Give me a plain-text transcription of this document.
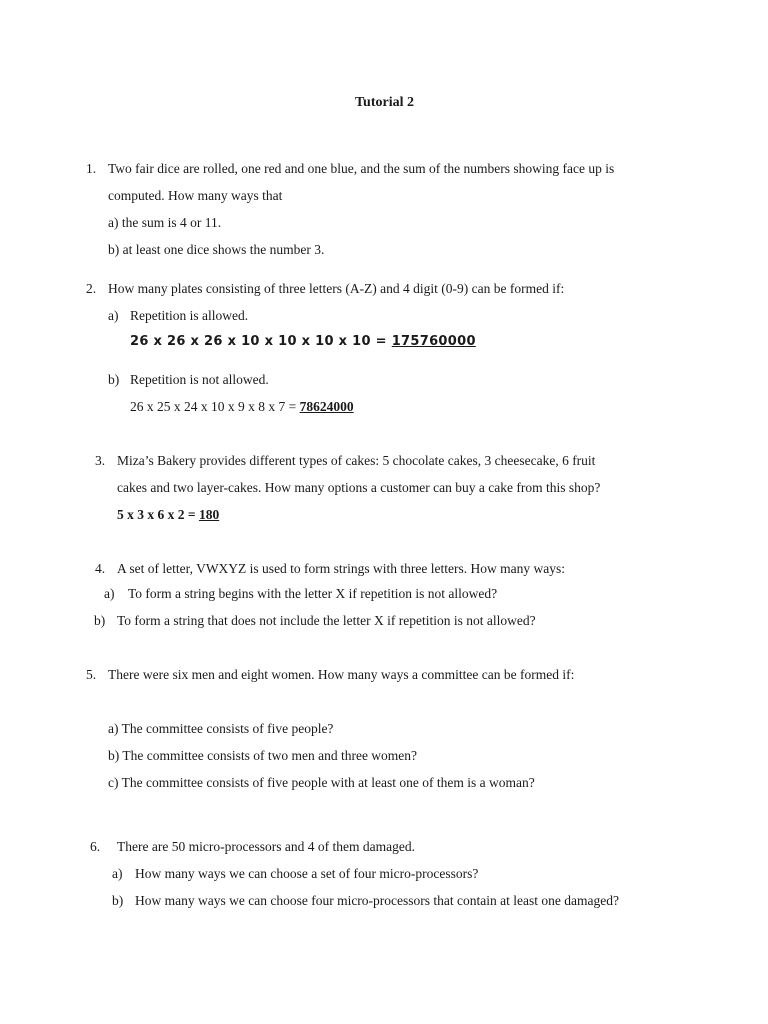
Tutorial 2
1. Two fair dice are rolled, one red and one blue, and the sum of the numbers showing face up is
computed. How many ways that
a) the sum is 4 or 11.
b) at least one dice shows the number 3.
2. How many plates consisting of three letters (A-Z) and 4 digit (0-9) can be formed if:
a) Repetition is allowed.
26 x 26 x 26 x 10 x 10 x 10 x 10 = 175760000
b) Repetition is not allowed.
26 x 25 x 24 x 10 x 9 x 8 x 7 = 78624000
3. Miza’s Bakery provides different types of cakes: 5 chocolate cakes, 3 cheesecake, 6 fruit
cakes and two layer-cakes. How many options a customer can buy a cake from this shop?
5 x 3 x 6 x 2 = 180
4. A set of letter, VWXYZ is used to form strings with three letters. How many ways:
a) To form a string begins with the letter X if repetition is not allowed?
b) To form a string that does not include the letter X if repetition is not allowed?
5. There were six men and eight women. How many ways a committee can be formed if:
a) The committee consists of five people?
b) The committee consists of two men and three women?
c) The committee consists of five people with at least one of them is a woman?
6. There are 50 micro-processors and 4 of them damaged.
a) How many ways we can choose a set of four micro-processors?
b) How many ways we can choose four micro-processors that contain at least one damaged?
